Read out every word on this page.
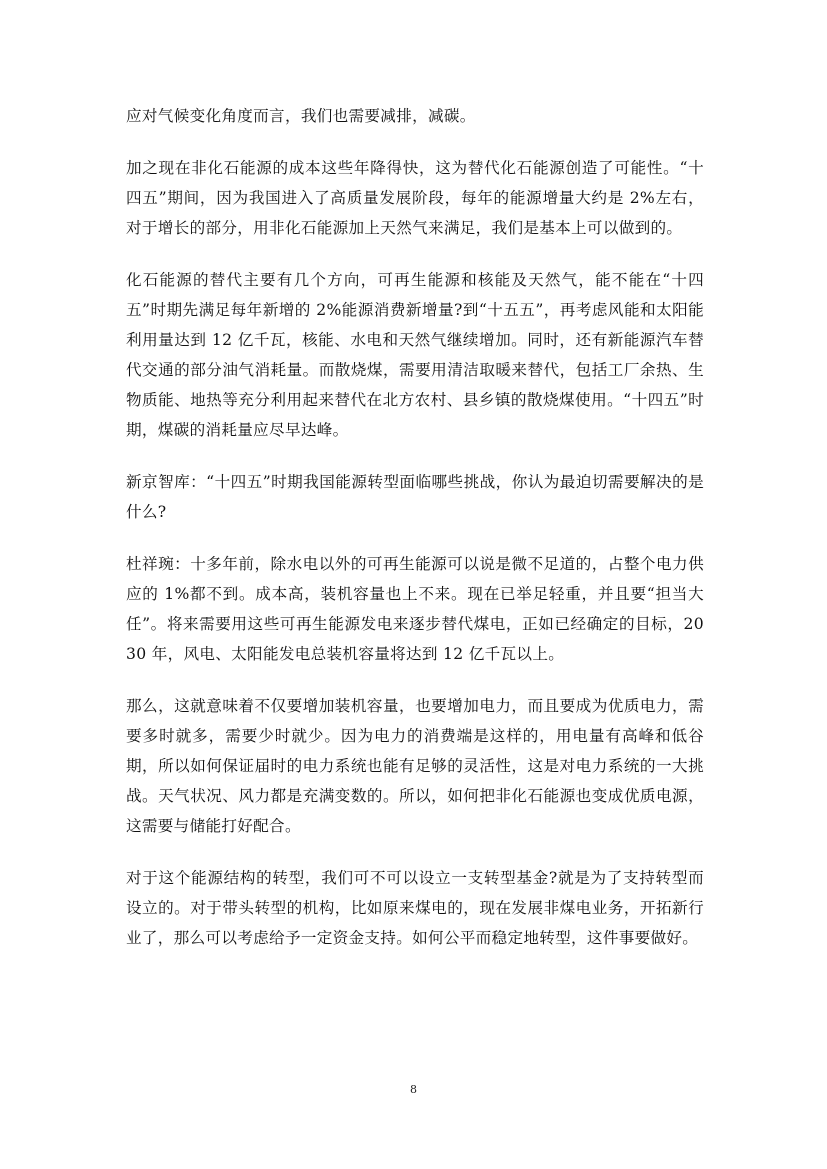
应对气候变化角度而言，我们也需要减排，减碳。

加之现在非化石能源的成本这些年降得快，这为替代化石能源创造了可能性。“十四五”期间，因为我国进入了高质量发展阶段，每年的能源增量大约是 2%左右，对于增长的部分，用非化石能源加上天然气来满足，我们是基本上可以做到的。

化石能源的替代主要有几个方向，可再生能源和核能及天然气，能不能在“十四五”时期先满足每年新增的 2%能源消费新增量?到“十五五”，再考虑风能和太阳能利用量达到 12 亿千瓦，核能、水电和天然气继续增加。同时，还有新能源汽车替代交通的部分油气消耗量。而散烧煤，需要用清洁取暖来替代，包括工厂余热、生物质能、地热等充分利用起来替代在北方农村、县乡镇的散烧煤使用。“十四五”时期，煤碳的消耗量应尽早达峰。

新京智库：“十四五”时期我国能源转型面临哪些挑战，你认为最迫切需要解决的是什么?

杜祥琬：十多年前，除水电以外的可再生能源可以说是微不足道的，占整个电力供应的 1%都不到。成本高，装机容量也上不来。现在已举足轻重，并且要“担当大任”。将来需要用这些可再生能源发电来逐步替代煤电，正如已经确定的目标，2030 年，风电、太阳能发电总装机容量将达到 12 亿千瓦以上。

那么，这就意味着不仅要增加装机容量，也要增加电力，而且要成为优质电力，需要多时就多，需要少时就少。因为电力的消费端是这样的，用电量有高峰和低谷期，所以如何保证届时的电力系统也能有足够的灵活性，这是对电力系统的一大挑战。天气状况、风力都是充满变数的。所以，如何把非化石能源也变成优质电源，这需要与储能打好配合。

对于这个能源结构的转型，我们可不可以设立一支转型基金?就是为了支持转型而设立的。对于带头转型的机构，比如原来煤电的，现在发展非煤电业务，开拓新行业了，那么可以考虑给予一定资金支持。如何公平而稳定地转型，这件事要做好。

8
